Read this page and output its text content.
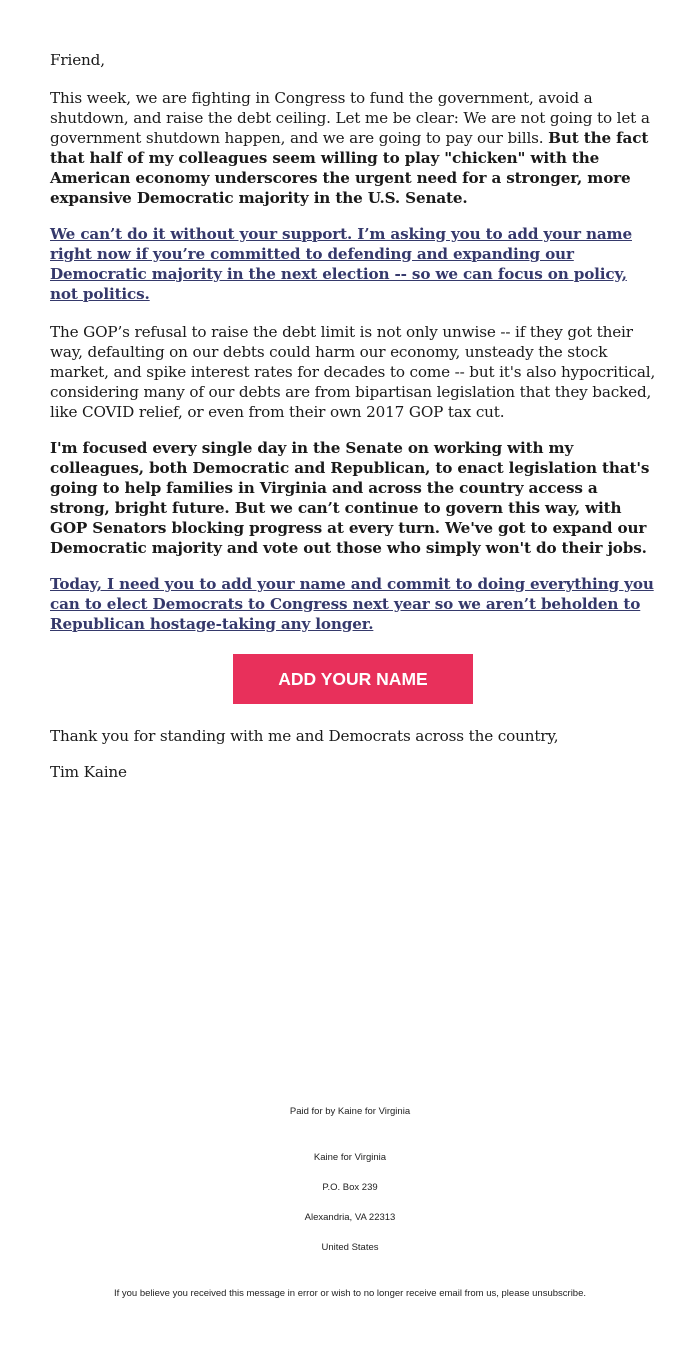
Friend,

This week, we are fighting in Congress to fund the government, avoid a shutdown, and raise the debt ceiling. Let me be clear: We are not going to let a government shutdown happen, and we are going to pay our bills. But the fact that half of my colleagues seem willing to play "chicken" with the American economy underscores the urgent need for a stronger, more expansive Democratic majority in the U.S. Senate.

We can’t do it without your support. I’m asking you to add your name right now if you’re committed to defending and expanding our Democratic majority in the next election -- so we can focus on policy, not politics.

The GOP’s refusal to raise the debt limit is not only unwise -- if they got their way, defaulting on our debts could harm our economy, unsteady the stock market, and spike interest rates for decades to come -- but it's also hypocritical, considering many of our debts are from bipartisan legislation that they backed, like COVID relief, or even from their own 2017 GOP tax cut.

I'm focused every single day in the Senate on working with my colleagues, both Democratic and Republican, to enact legislation that's going to help families in Virginia and across the country access a strong, bright future. But we can’t continue to govern this way, with GOP Senators blocking progress at every turn. We've got to expand our Democratic majority and vote out those who simply won't do their jobs.

Today, I need you to add your name and commit to doing everything you can to elect Democrats to Congress next year so we aren’t beholden to Republican hostage-taking any longer.

ADD YOUR NAME

Thank you for standing with me and Democrats across the country,

Tim Kaine

Paid for by Kaine for Virginia
Kaine for Virginia
P.O. Box 239
Alexandria, VA 22313
United States
If you believe you received this message in error or wish to no longer receive email from us, please unsubscribe.
